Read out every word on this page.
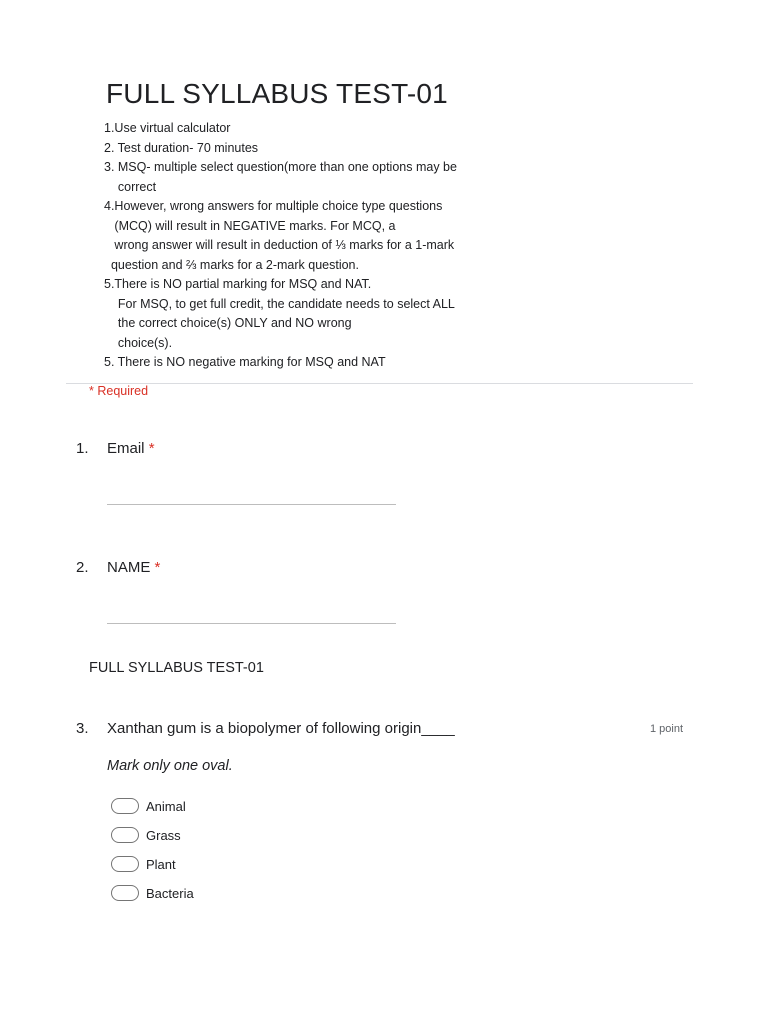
FULL SYLLABUS TEST-01
1.Use virtual calculator
2. Test duration- 70 minutes
3. MSQ- multiple select question(more than one options may be
correct
4.However, wrong answers for multiple choice type questions
(MCQ) will result in NEGATIVE marks. For MCQ, a
wrong answer will result in deduction of ⅓ marks for a 1-mark
question and ⅔ marks for a 2-mark question.
5.There is NO partial marking for MSQ and NAT.
For MSQ, to get full credit, the candidate needs to select ALL
the correct choice(s) ONLY and NO wrong
choice(s).
5. There is NO negative marking for MSQ and NAT
* Required
1. Email *
2. NAME *
FULL SYLLABUS TEST-01
3. Xanthan gum is a biopolymer of following origin____	1 point
Mark only one oval.
Animal
Grass
Plant
Bacteria
